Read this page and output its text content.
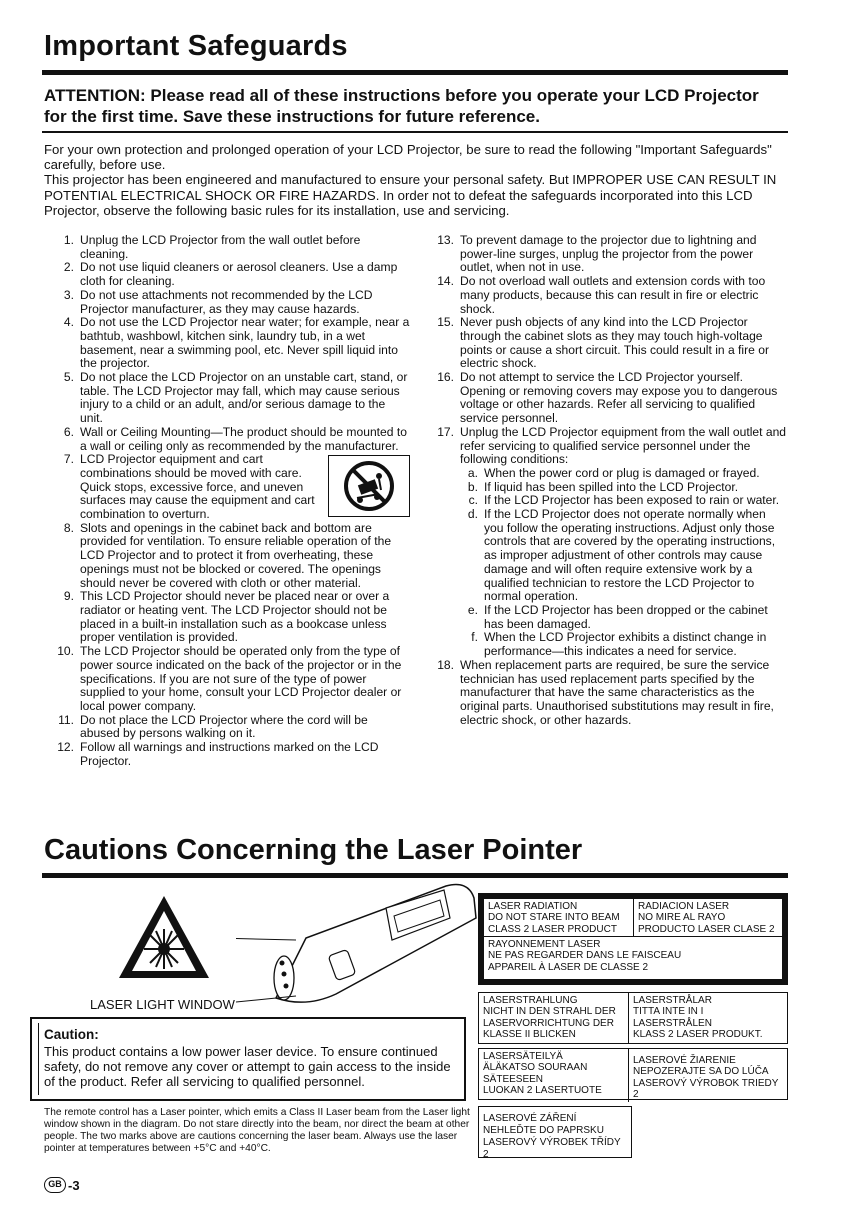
Important Safeguards
ATTENTION: Please read all of these instructions before you operate your LCD Projector for the first time. Save these instructions for future reference.

For your own protection and prolonged operation of your LCD Projector, be sure to read the following "Important Safeguards" carefully, before use.

This projector has been engineered and manufactured to ensure your personal safety. But IMPROPER USE CAN RESULT IN POTENTIAL ELECTRICAL SHOCK OR FIRE HAZARDS. In order not to defeat the safeguards incorporated into this LCD Projector, observe the following basic rules for its installation, use and servicing.

1. Unplug the LCD Projector from the wall outlet before cleaning.
2. Do not use liquid cleaners or aerosol cleaners. Use a damp cloth for cleaning.
3. Do not use attachments not recommended by the LCD Projector manufacturer, as they may cause hazards.
4. Do not use the LCD Projector near water; for example, near a bathtub, washbowl, kitchen sink, laundry tub, in a wet basement, near a swimming pool, etc. Never spill liquid into the projector.
5. Do not place the LCD Projector on an unstable cart, stand, or table. The LCD Projector may fall, which may cause serious injury to a child or an adult, and/or serious damage to the unit.
6. Wall or Ceiling Mounting—The product should be mounted to a wall or ceiling only as recommended by the manufacturer.
7. LCD Projector equipment and cart combinations should be moved with care. Quick stops, excessive force, and uneven surfaces may cause the equipment and cart combination to overturn.
8. Slots and openings in the cabinet back and bottom are provided for ventilation. To ensure reliable operation of the LCD Projector and to protect it from overheating, these openings must not be blocked or covered. The openings should never be covered with cloth or other material.
9. This LCD Projector should never be placed near or over a radiator or heating vent. The LCD Projector should not be placed in a built-in installation such as a bookcase unless proper ventilation is provided.
10. The LCD Projector should be operated only from the type of power source indicated on the back of the projector or in the specifications. If you are not sure of the type of power supplied to your home, consult your LCD Projector dealer or local power company.
11. Do not place the LCD Projector where the cord will be abused by persons walking on it.
12. Follow all warnings and instructions marked on the LCD Projector.
13. To prevent damage to the projector due to lightning and power-line surges, unplug the projector from the power outlet, when not in use.
14. Do not overload wall outlets and extension cords with too many products, because this can result in fire or electric shock.
15. Never push objects of any kind into the LCD Projector through the cabinet slots as they may touch high-voltage points or cause a short circuit. This could result in a fire or electric shock.
16. Do not attempt to service the LCD Projector yourself. Opening or removing covers may expose you to dangerous voltage or other hazards. Refer all servicing to qualified service personnel.
17. Unplug the LCD Projector equipment from the wall outlet and refer servicing to qualified service personnel under the following conditions:
a. When the power cord or plug is damaged or frayed.
b. If liquid has been spilled into the LCD Projector.
c. If the LCD Projector has been exposed to rain or water.
d. If the LCD Projector does not operate normally when you follow the operating instructions. Adjust only those controls that are covered by the operating instructions, as improper adjustment of other controls may cause damage and will often require extensive work by a qualified technician to restore the LCD Projector to normal operation.
e. If the LCD Projector has been dropped or the cabinet has been damaged.
f. When the LCD Projector exhibits a distinct change in performance—this indicates a need for service.
18. When replacement parts are required, be sure the service technician has used replacement parts specified by the manufacturer that have the same characteristics as the original parts. Unauthorised substitutions may result in fire, electric shock, or other hazards.
Cautions Concerning the Laser Pointer
LASER LIGHT WINDOW
Caution:
This product contains a low power laser device. To ensure continued safety, do not remove any cover or attempt to gain access to the inside of the product. Refer all servicing to qualified personnel.
The remote control has a Laser pointer, which emits a Class II Laser beam from the Laser light window shown in the diagram. Do not stare directly into the beam, nor direct the beam at other people. The two marks above are cautions concerning the laser beam. Always use the laser pointer at temperatures between +5°C and +40°C.
GB -3
LASER RADIATION
DO NOT STARE INTO BEAM
CLASS 2 LASER PRODUCT
RADIACION LASER
NO MIRE AL RAYO
PRODUCTO LASER CLASE 2
RAYONNEMENT LASER
NE PAS REGARDER DANS LE FAISCEAU
APPAREIL À LASER DE CLASSE 2
LASERSTRAHLUNG
NICHT IN DEN STRAHL DER
LASERVORRICHTUNG DER
KLASSE II BLICKEN
LASERSTRÅLAR
TITTA INTE IN I
LASERSTRÅLEN
KLASS 2 LASER PRODUKT.
LASERSÄTEILYÄ
ÄLÄKATSO SOURAAN
SÄTEESEEN
LUOKAN 2 LASERTUOTE
LASEROVÉ ŽIARENIE
NEPOZERAJTE SA DO LÚČA
LASEROVÝ VÝROBOK TRIEDY 2
LASEROVÉ ZÁŘENÍ
NEHLEĎTE DO PAPRSKU
LASEROVÝ VÝROBEK TŘÍDY 2
